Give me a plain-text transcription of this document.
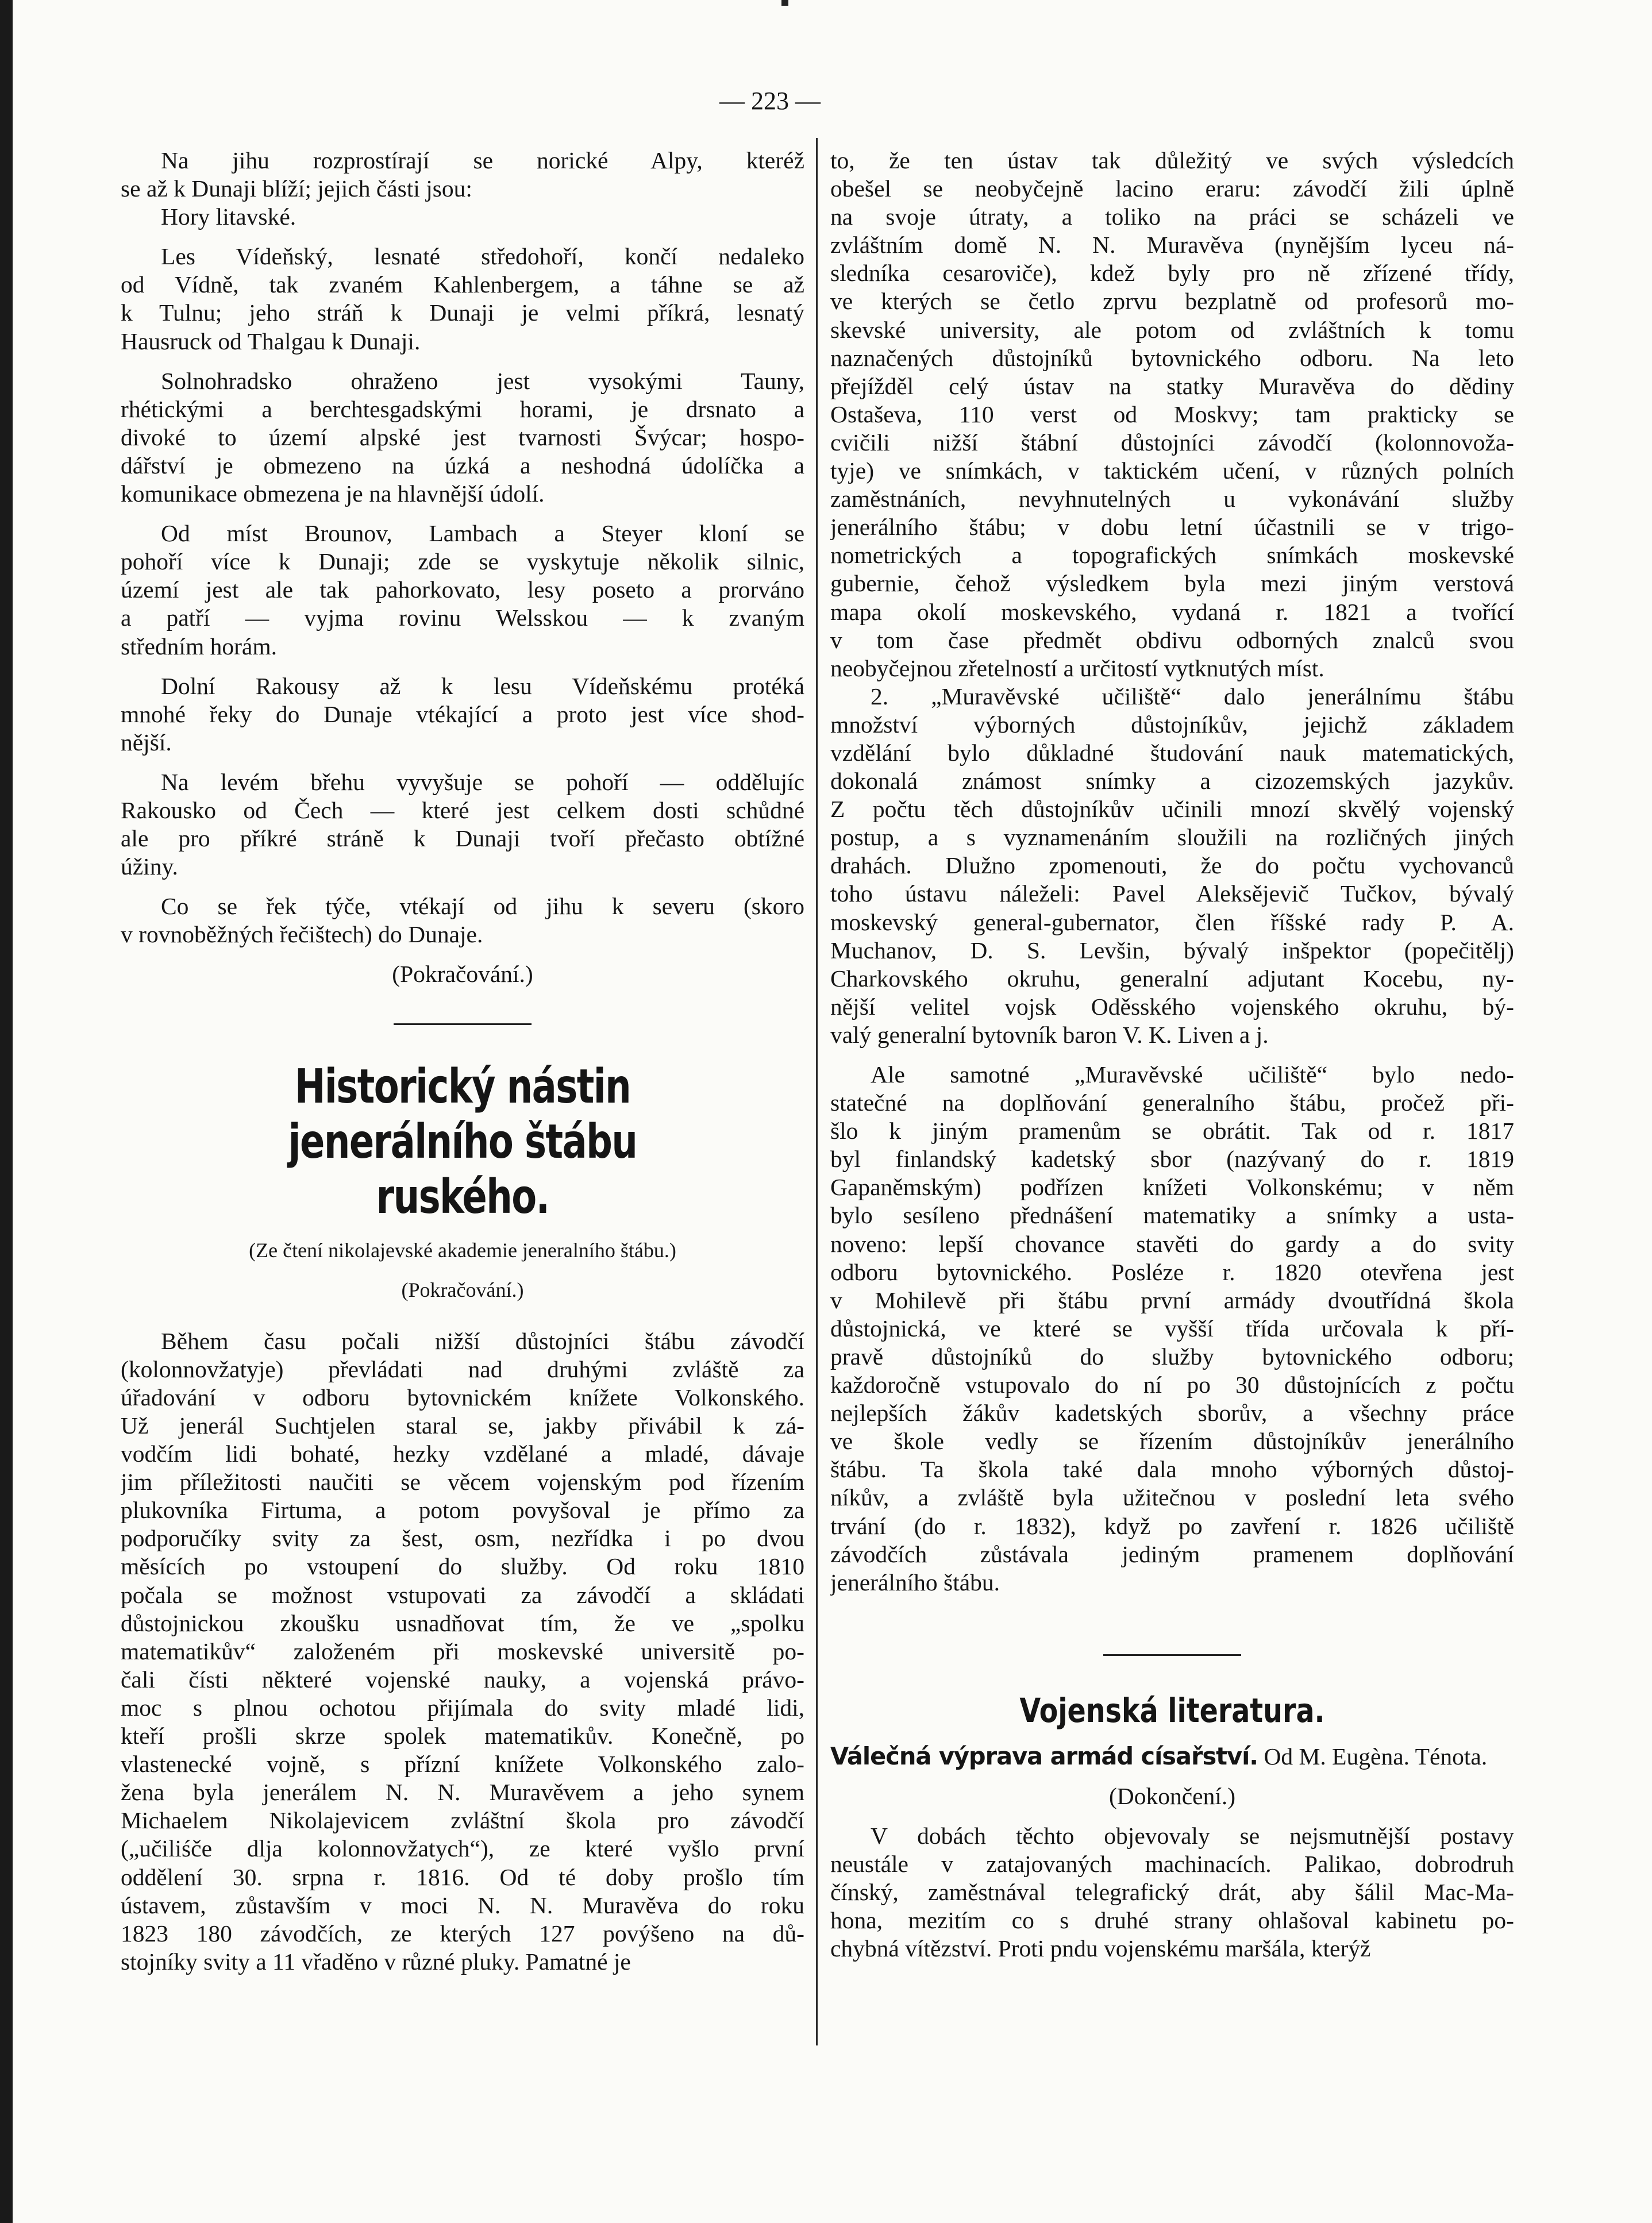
— 223 —
Na jihu rozprostírají se norické Alpy, kteréž
se až k Dunaji blíží; jejich části jsou:
Hory litavské.
Les Vídeňský, lesnaté středohoří, končí nedaleko
od Vídně, tak zvaném Kahlenbergem, a táhne se až
k Tulnu; jeho stráň k Dunaji je velmi příkrá, lesnatý
Hausruck od Thalgau k Dunaji.
Solnohradsko ohraženo jest vysokými Tauny,
rhétickými a berchtesgadskými horami, je drsnato a
divoké to území alpské jest tvarnosti Švýcar; hospo-
dářství je obmezeno na úzká a neshodná údolíčka a
komunikace obmezena je na hlavnější údolí.
Od míst Brounov, Lambach a Steyer kloní se
pohoří více k Dunaji; zde se vyskytuje několik silnic,
území jest ale tak pahorkovato, lesy poseto a prorváno
a patří — vyjma rovinu Welsskou — k zvaným
středním horám.
Dolní Rakousy až k lesu Vídeňskému protéká
mnohé řeky do Dunaje vtékající a proto jest více shod-
nější.
Na levém břehu vyvyšuje se pohoří — oddělujíc
Rakousko od Čech — které jest celkem dosti schůdné
ale pro příkré stráně k Dunaji tvoří přečasto obtížné
úžiny.
Co se řek týče, vtékají od jihu k severu (skoro
v rovnoběžných řečištech) do Dunaje.
(Pokračování.)
Historický nástin jenerálního štábu
ruského.
(Ze čtení nikolajevské akademie jeneralního štábu.)
(Pokračování.)
Během času počali nižší důstojníci štábu závodčí
(kolonnovžatyje) převládati nad druhými zvláště za
úřadování v odboru bytovnickém knížete Volkonského.
Už jenerál Suchtjelen staral se, jakby přivábil k zá-
vodčím lidi bohaté, hezky vzdělané a mladé, dávaje
jim příležitosti naučiti se věcem vojenským pod řízením
plukovníka Firtuma, a potom povyšoval je přímo za
podporučíky svity za šest, osm, nezřídka i po dvou
měsících po vstoupení do služby. Od roku 1810
počala se možnost vstupovati za závodčí a skládati
důstojnickou zkoušku usnadňovat tím, že ve „spolku
matematikův“ založeném při moskevské universitě po-
čali čísti některé vojenské nauky, a vojenská právo-
moc s plnou ochotou přijímala do svity mladé lidi,
kteří prošli skrze spolek matematikův. Konečně, po
vlastenecké vojně, s přízní knížete Volkonského zalo-
žena byla jenerálem N. N. Muravěvem a jeho synem
Michaelem Nikolajevicem zvláštní škola pro závodčí
(„učiliśče dlja kolonnovžatych“), ze které vyšlo první
oddělení 30. srpna r. 1816. Od té doby prošlo tím
ústavem, zůstavším v moci N. N. Muravěva do roku
1823 180 závodčích, ze kterých 127 povýšeno na dů-
stojníky svity a 11 vřaděno v různé pluky. Pamatné je
to, že ten ústav tak důležitý ve svých výsledcích
obešel se neobyčejně lacino eraru: závodčí žili úplně
na svoje útraty, a toliko na práci se scházeli ve
zvláštním domě N. N. Muravěva (nynějším lyceu ná-
sledníka cesaroviče), kdež byly pro ně zřízené třídy,
ve kterých se četlo zprvu bezplatně od profesorů mo-
skevské university, ale potom od zvláštních k tomu
naznačených důstojníků bytovnického odboru. Na leto
přejížděl celý ústav na statky Muravěva do dědiny
Ostaševa, 110 verst od Moskvy; tam prakticky se
cvičili nižší štábní důstojníci závodčí (kolonnovoža-
tyje) ve snímkách, v taktickém učení, v různých polních
zaměstnáních, nevyhnutelných u vykonávání služby
jenerálního štábu; v dobu letní účastnili se v trigo-
nometrických a topografických snímkách moskevské
gubernie, čehož výsledkem byla mezi jiným verstová
mapa okolí moskevského, vydaná r. 1821 a tvořící
v tom čase předmět obdivu odborných znalců svou
neobyčejnou zřetelností a určitostí vytknutých míst.
2. „Muravěvské učiliště“ dalo jenerálnímu štábu
množství výborných důstojníkův, jejichž základem
vzdělání bylo důkladné študování nauk matematických,
dokonalá známost snímky a cizozemských jazykův.
Z počtu těch důstojníkův učinili mnozí skvělý vojenský
postup, a s vyznamenáním sloužili na rozličných jiných
drahách. Dlužno zpomenouti, že do počtu vychovanců
toho ústavu náleželi: Pavel Aleksějevič Tučkov, bývalý
moskevský general-gubernator, člen říšské rady P. A.
Muchanov, D. S. Levšin, bývalý inšpektor (popečitělj)
Charkovského okruhu, generalní adjutant Kocebu, ny-
nější velitel vojsk Oděsského vojenského okruhu, bý-
valý generalní bytovník baron V. K. Liven a j.
Ale samotné „Muravěvské učiliště“ bylo nedo-
statečné na doplňování generalního štábu, pročež při-
šlo k jiným pramenům se obrátit. Tak od r. 1817
byl finlandský kadetský sbor (nazývaný do r. 1819
Gapaněmským) podřízen knížeti Volkonskému; v něm
bylo sesíleno přednášení matematiky a snímky a usta-
noveno: lepší chovance stavěti do gardy a do svity
odboru bytovnického. Posléze r. 1820 otevřena jest
v Mohilevě při štábu první armády dvoutřídná škola
důstojnická, ve které se vyšší třída určovala k pří-
pravě důstojníků do služby bytovnického odboru;
každoročně vstupovalo do ní po 30 důstojnících z počtu
nejlepších žákův kadetských sborův, a všechny práce
ve škole vedly se řízením důstojníkův jenerálního
štábu. Ta škola také dala mnoho výborných důstoj-
níkův, a zvláště byla užitečnou v poslední leta svého
trvání (do r. 1832), když po zavření r. 1826 učiliště
závodčích zůstávala jediným pramenem doplňování
jenerálního štábu.
Vojenská literatura.
Válečná výprava armád císařství. Od M. Eugèna. Ténota.
(Dokončení.)
V dobách těchto objevovaly se nejsmutnější postavy
neustále v zatajovaných machinacích. Palikao, dobrodruh
čínský, zaměstnával telegrafický drát, aby šálil Mac-Ma-
hona, mezitím co s druhé strany ohlašoval kabinetu po-
chybná vítězství. Proti pndu vojenskému maršála, kterýž
